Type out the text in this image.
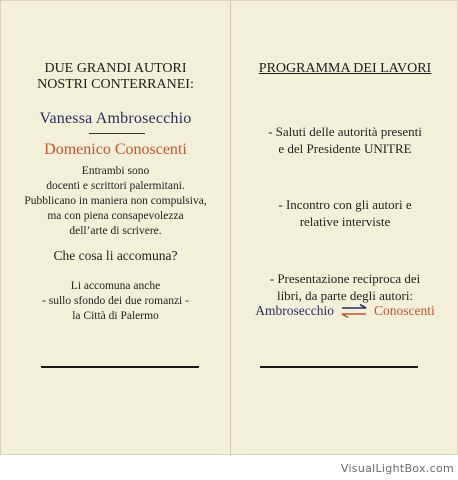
DUE GRANDI AUTORI
NOSTRI CONTERRANEI:
Vanessa Ambrosecchio
Domenico Conoscenti
Entrambi sono
docenti e scrittori palermitani.
Pubblicano in maniera non compulsiva,
ma con piena consapevolezza
dell’arte di scrivere.
Che cosa li accomuna?
Li accomuna anche
- sullo sfondo dei due romanzi -
la Città di Palermo
PROGRAMMA DEI LAVORI
- Saluti delle autorità presenti
e del Presidente UNITRE
- Incontro con gli autori e
relative interviste
- Presentazione reciproca dei
libri, da parte degli autori:
Ambrosecchio	Conoscenti
VisualLightBox.com
